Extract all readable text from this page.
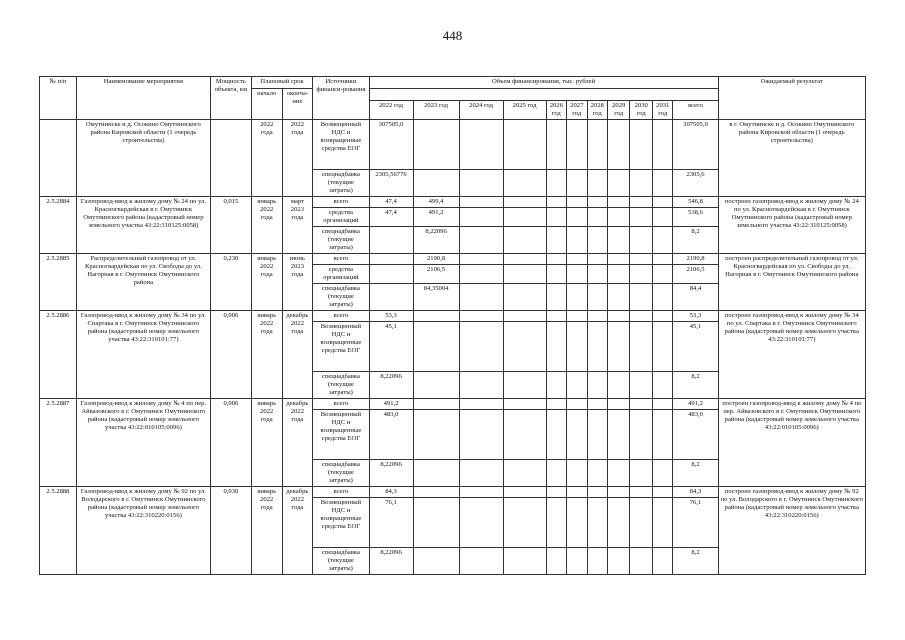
448
№ п/п	Наименование мероприятия	Мощность объекта, км	Плановый срок		Источники финанси-рования	Объем финансирования, тыс. рублей											Ожидаемый результат
			начало	оконча-ние													
						2022 год	2023 год	2024 год	2025 год	2026 год	2027 год	2028 год	2029 год	2030 год	2031 год	всего	
	Омутнинске и д. Осокино Омутнинского района Кировской области (1 очередь строительства)		2022 года	2022 года	Возмещенный НДС и возвращенные средства ЕОГ	307505,0										307505,0	в г. Омутнинске и д. Осокино Омутнинского района Кировской области (1 очередь строительства)
					спецнадбавка (текущие затраты)	2305,56776										2305,6	
2.5.2884	Газопровод-ввод к жилому дому № 24 по ул. Красногвардейская в г. Омутнинск Омутнинского района (кадастровый номер земельного участка 43:22:310125:0058)	0,015	январь 2022 года	март 2023 года	всего	47,4	499,4									546,8	построен газопровод-ввод к жилому дому № 24 по ул. Красногвардейская в г. Омутнинск Омутнинского района (кадастровый номер земельного участка 43:22:310125:0058)
					средства организаций	47,4	491,2									538,6	
					спецнадбавка (текущие затраты)		8,22096									8,2	
2.5.2885	Распределительный газопровод от ул. Красногвардейская по ул. Свободы до ул. Нагорная в г. Омутнинск Омутнинского района	0,230	январь 2022 года	июнь 2023 года	всего		2190,8									2190,8	построен распределительный газопровод от ул. Красногвардейская по ул. Свободы до ул. Нагорная в г. Омутнинск Омутнинского района
					средства организаций		2106,5									2106,5	
					спецнадбавка (текущие затраты)		84,35004									84,4	
2.5.2886	Газопровод-ввод к жилому дому № 34 по ул. Спартака в г. Омутнинск Омутнинского района (кадастровый номер земельного участка 43:22:310101:77)	0,006	январь 2022 года	декабрь 2022 года	всего	53,3										53,3	построен газопровод-ввод к жилому дому № 34 по ул. Спартака в г. Омутнинск Омутнинского района (кадастровый номер земельного участка 43:22:310101:77)
					Возмещенный НДС и возвращенные средства ЕОГ	45,1										45,1	
					спецнадбавка (текущие затраты)	8,22096										8,2	
2.5.2887	Газопровод-ввод к жилому дому № 4 по пер. Айвазовского в г. Омутнинск Омутнинского района (кадастровый номер земельного участка 43:22:010105:0096)	0,006	январь 2022 года	декабрь 2022 года	всего	491,2										491,2	построен газопровод-ввод к жилому дому № 4 по пер. Айвазовского в г. Омутнинск Омутнинского района (кадастровый номер земельного участка 43:22:010105:0096)
					Возмещенный НДС и возвращенные средства ЕОГ	483,0										483,0	
					спецнадбавка (текущие затраты)	8,22096										8,2	
2.5.2888	Газопровод-ввод к жилому дому № 92 по ул. Володарского в г. Омутнинск Омутнинского района (кадастровый номер земельного участка 43:22:310220:0156)	0,030	январь 2022 года	декабрь 2022 года	всего	84,3										84,3	построен газопровод-ввод к жилому дому № 92 по ул. Володарского в г. Омутнинск Омутнинского района (кадастровый номер земельного участка 43:22:310220:0156)
					Возмещенный НДС и возвращенные средства ЕОГ	76,1										76,1	
					спецнадбавка (текущие затраты)	8,22096										8,2	
